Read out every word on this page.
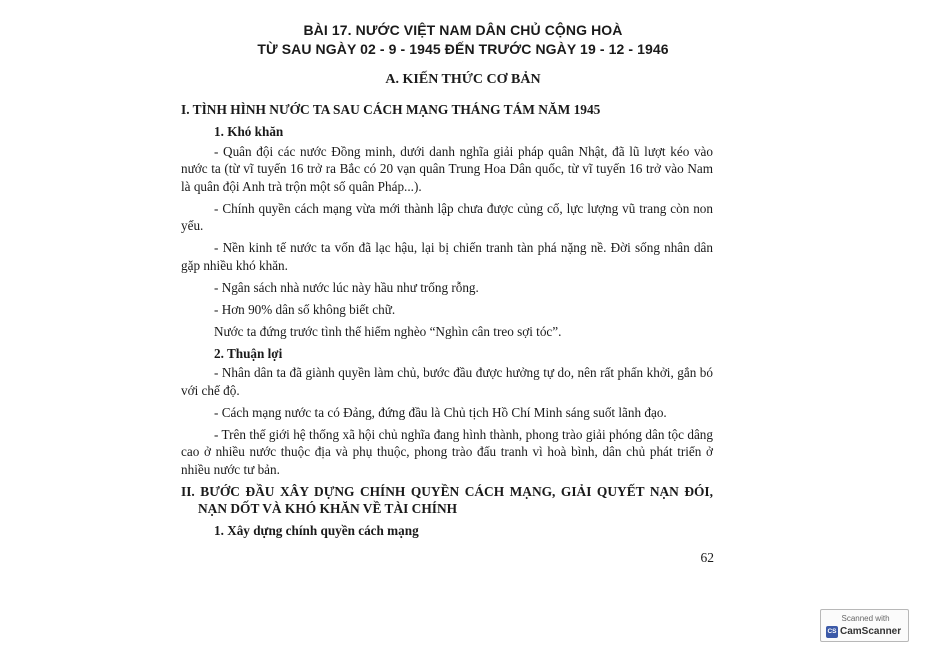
BÀI 17. NƯỚC VIỆT NAM DÂN CHỦ CỘNG HOÀ
TỪ SAU NGÀY 02 - 9 - 1945 ĐẾN TRƯỚC NGÀY 19 - 12 - 1946
A. KIẾN THỨC CƠ BẢN

I. TÌNH HÌNH NƯỚC TA SAU CÁCH MẠNG THÁNG TÁM NĂM 1945

1. Khó khăn

- Quân đội các nước Đồng minh, dưới danh nghĩa giải pháp quân Nhật, đã lũ lượt kéo vào nước ta (từ vĩ tuyến 16 trở ra Bắc có 20 vạn quân Trung Hoa Dân quốc, từ vĩ tuyến 16 trở vào Nam là quân đội Anh trà trộn một số quân Pháp...).

- Chính quyền cách mạng vừa mới thành lập chưa được củng cố, lực lượng vũ trang còn non yếu.

- Nền kinh tế nước ta vốn đã lạc hậu, lại bị chiến tranh tàn phá nặng nề. Đời sống nhân dân gặp nhiều khó khăn.

- Ngân sách nhà nước lúc này hầu như trống rỗng.

- Hơn 90% dân số không biết chữ.

Nước ta đứng trước tình thế hiểm nghèo “Nghìn cân treo sợi tóc”.

2. Thuận lợi

- Nhân dân ta đã giành quyền làm chủ, bước đầu được hưởng tự do, nên rất phấn khởi, gắn bó với chế độ.

- Cách mạng nước ta có Đảng, đứng đầu là Chủ tịch Hồ Chí Minh sáng suốt lãnh đạo.

- Trên thế giới hệ thống xã hội chủ nghĩa đang hình thành, phong trào giải phóng dân tộc dâng cao ở nhiều nước thuộc địa và phụ thuộc, phong trào đấu tranh vì hoà bình, dân chủ phát triển ở nhiều nước tư bản.

II. BƯỚC ĐẦU XÂY DỰNG CHÍNH QUYỀN CÁCH MẠNG, GIẢI QUYẾT NẠN ĐÓI, NẠN DỐT VÀ KHÓ KHĂN VỀ TÀI CHÍNH

1. Xây dựng chính quyền cách mạng

62
Scanned with
CS CamScanner
